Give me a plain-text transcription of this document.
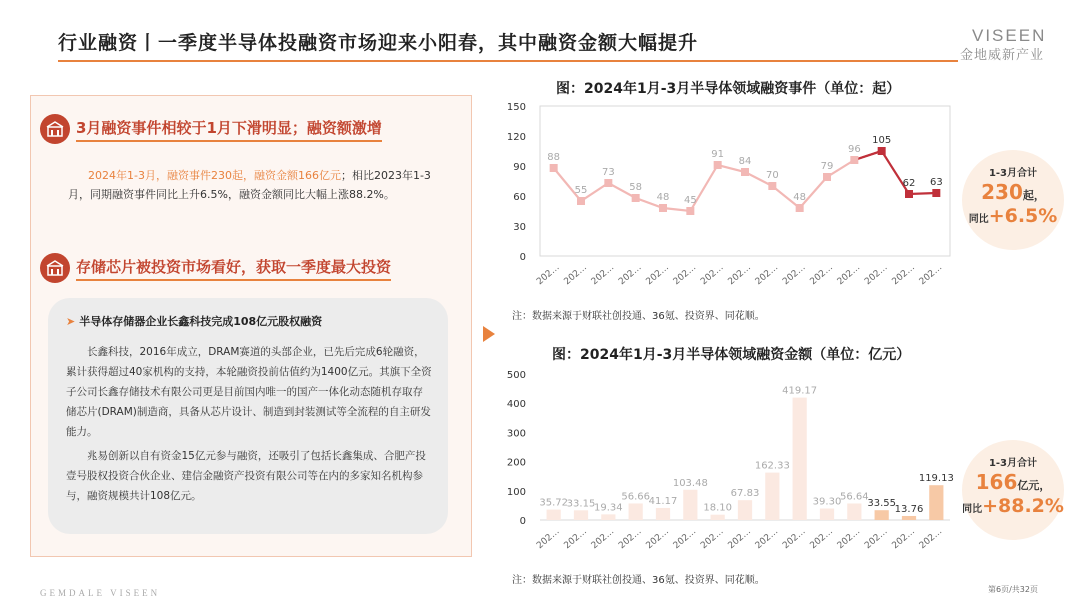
行业融资丨一季度半导体投融资市场迎来小阳春，其中融资金额大幅提升	VISEEN
金地威新产业
3月融资事件相较于1月下滑明显；融资额激增
2024年1-3月，融资事件230起，融资金额166亿元；相比2023年1-3月，同期融资事件同比上升6.5%，融资金额同比大幅上涨88.2%。
存储芯片被投资市场看好，获取一季度最大投资
➤ 半导体存储器企业长鑫科技完成108亿元股权融资
长鑫科技，2016年成立，DRAM赛道的头部企业，已先后完成6轮融资，累计获得超过40家机构的支持，本轮融资投前估值约为1400亿元。其旗下全资子公司长鑫存储技术有限公司更是目前国内唯一的国产一体化动态随机存取存储芯片(DRAM)制造商，具备从芯片设计、制造到封装测试等全流程的自主研发能力。
兆易创新以自有资金15亿元参与融资，还吸引了包括长鑫集成、合肥产投壹号股权投资合伙企业、建信金融资产投资有限公司等在内的多家知名机构参与，融资规模共计108亿元。
图：2024年1月-3月半导体领域融资事件（单位：起）
0
30
60
90
120
150
202… 202… 202… 202… 202… 202… 202… 202… 202… 202… 202… 202… 202… 202… 202…
88
55
73
58
48 45
91
84
70
48
79
96
105
62 63
注：数据来源于财联社创投通、36氪、投资界、同花顺。
1-3月合计
230起，
同比+6.5%
图：2024年1月-3月半导体领域融资金额（单位：亿元）
0
100
200
300
400
500
202… 202… 202… 202… 202… 202… 202… 202… 202… 202… 202… 202… 202… 202… 202…
35.72
33.15
19.34
56.66
41.17
103.48
18.10
67.83
162.33
419.17
39.30
56.64
33.55
13.76
119.13
注：数据来源于财联社创投通、36氪、投资界、同花顺。
1-3月合计
166亿元，
同比+88.2%
GEMDALE VISEEN	第6页/共32页
